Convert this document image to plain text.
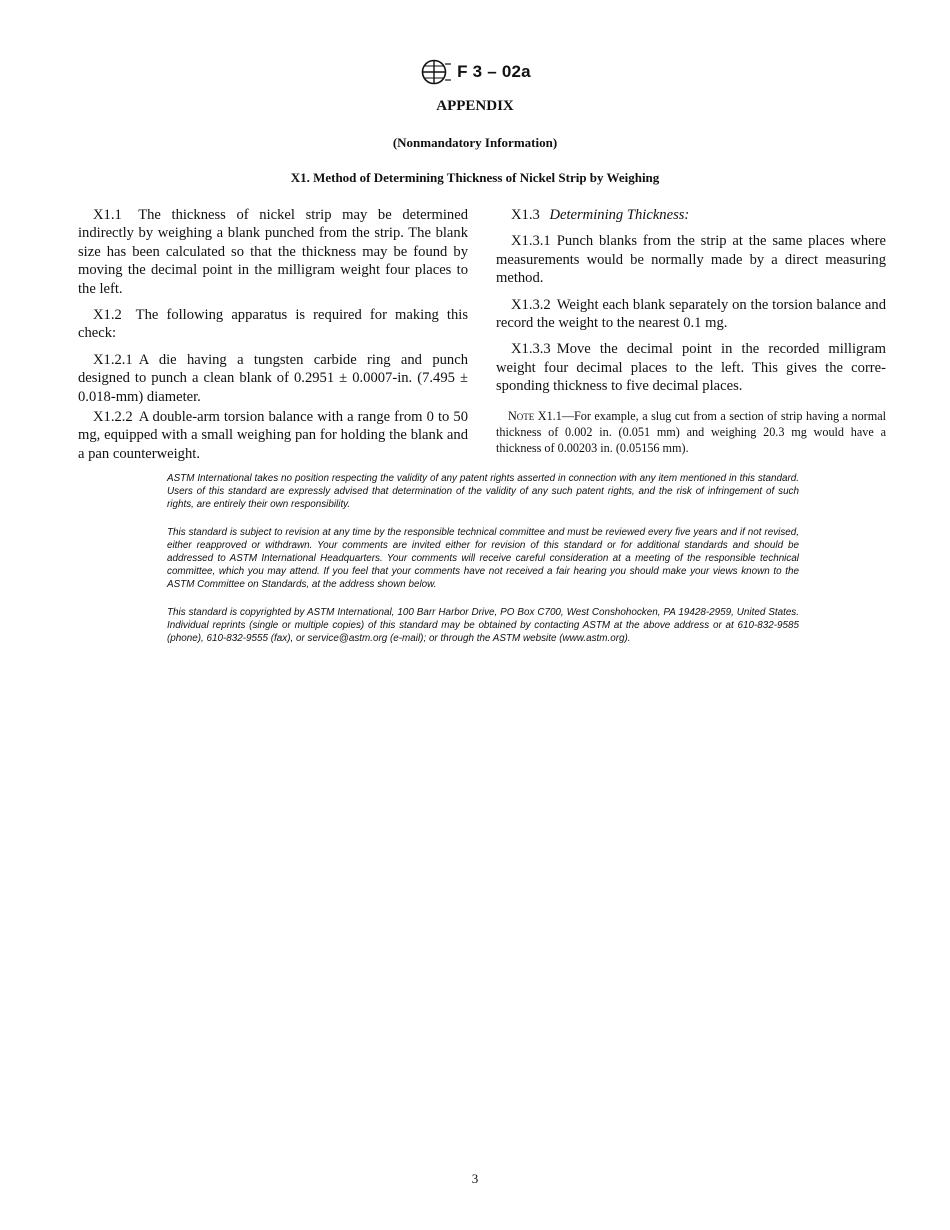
F 3 – 02a
APPENDIX
(Nonmandatory Information)
X1. Method of Determining Thickness of Nickel Strip by Weighing

X1.1 The thickness of nickel strip may be determined indirectly by weighing a blank punched from the strip. The blank size has been calculated so that the thickness may be found by moving the decimal point in the milligram weight four places to the left.

X1.2 The following apparatus is required for making this check:

X1.2.1 A die having a tungsten carbide ring and punch designed to punch a clean blank of 0.2951 ± 0.0007-in. (7.495 ± 0.018-mm) diameter.

X1.2.2 A double-arm torsion balance with a range from 0 to 50 mg, equipped with a small weighing pan for holding the blank and a pan counterweight.

X1.3 Determining Thickness:

X1.3.1 Punch blanks from the strip at the same places where measurements would be normally made by a direct measuring method.

X1.3.2 Weight each blank separately on the torsion balance and record the weight to the nearest 0.1 mg.

X1.3.3 Move the decimal point in the recorded milligram weight four decimal places to the left. This gives the corre-sponding thickness to five decimal places.

Note X1.1—For example, a slug cut from a section of strip having a normal thickness of 0.002 in. (0.051 mm) and weighing 20.3 mg would have a thickness of 0.00203 in. (0.05156 mm).

ASTM International takes no position respecting the validity of any patent rights asserted in connection with any item mentioned in this standard. Users of this standard are expressly advised that determination of the validity of any such patent rights, and the risk of infringement of such rights, are entirely their own responsibility.

This standard is subject to revision at any time by the responsible technical committee and must be reviewed every five years and if not revised, either reapproved or withdrawn. Your comments are invited either for revision of this standard or for additional standards and should be addressed to ASTM International Headquarters. Your comments will receive careful consideration at a meeting of the responsible technical committee, which you may attend. If you feel that your comments have not received a fair hearing you should make your views known to the ASTM Committee on Standards, at the address shown below.

This standard is copyrighted by ASTM International, 100 Barr Harbor Drive, PO Box C700, West Conshohocken, PA 19428-2959, United States. Individual reprints (single or multiple copies) of this standard may be obtained by contacting ASTM at the above address or at 610-832-9585 (phone), 610-832-9555 (fax), or service@astm.org (e-mail); or through the ASTM website (www.astm.org).

3
